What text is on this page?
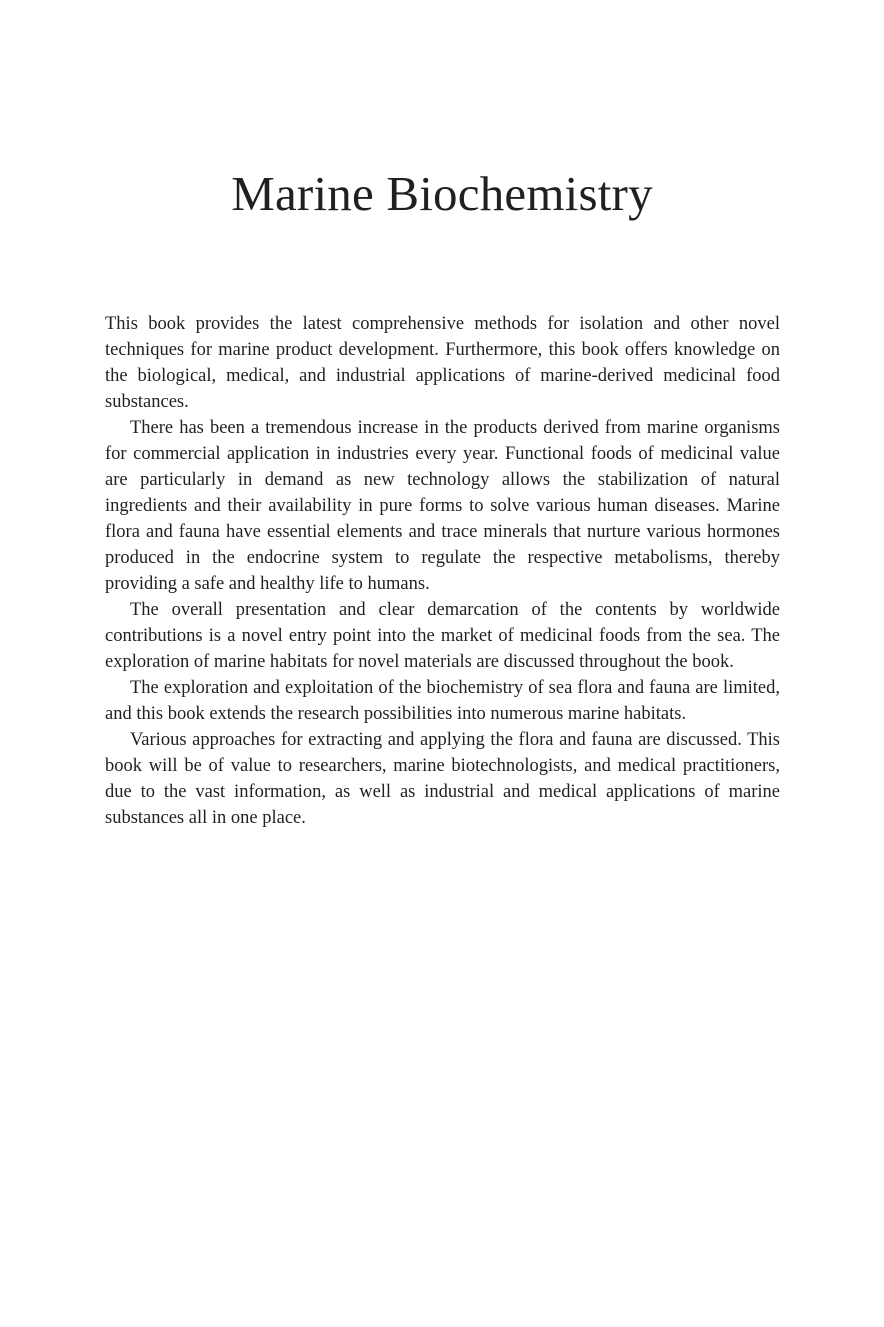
Marine Biochemistry

This book provides the latest comprehensive methods for isolation and other novel techniques for marine product development. Furthermore, this book offers knowledge on the biological, medical, and industrial applications of marine-derived medicinal food substances.

There has been a tremendous increase in the products derived from marine organisms for commercial application in industries every year. Functional foods of medicinal value are particularly in demand as new technology allows the stabilization of natural ingredients and their availability in pure forms to solve various human diseases. Marine flora and fauna have essential elements and trace minerals that nurture various hormones produced in the endocrine system to regulate the respective metabolisms, thereby providing a safe and healthy life to humans.

The overall presentation and clear demarcation of the contents by worldwide contributions is a novel entry point into the market of medicinal foods from the sea. The exploration of marine habitats for novel materials are discussed throughout the book.

The exploration and exploitation of the biochemistry of sea flora and fauna are limited, and this book extends the research possibilities into numerous marine habitats.

Various approaches for extracting and applying the flora and fauna are discussed. This book will be of value to researchers, marine biotechnologists, and medical practitioners, due to the vast information, as well as industrial and medical applications of marine substances all in one place.
